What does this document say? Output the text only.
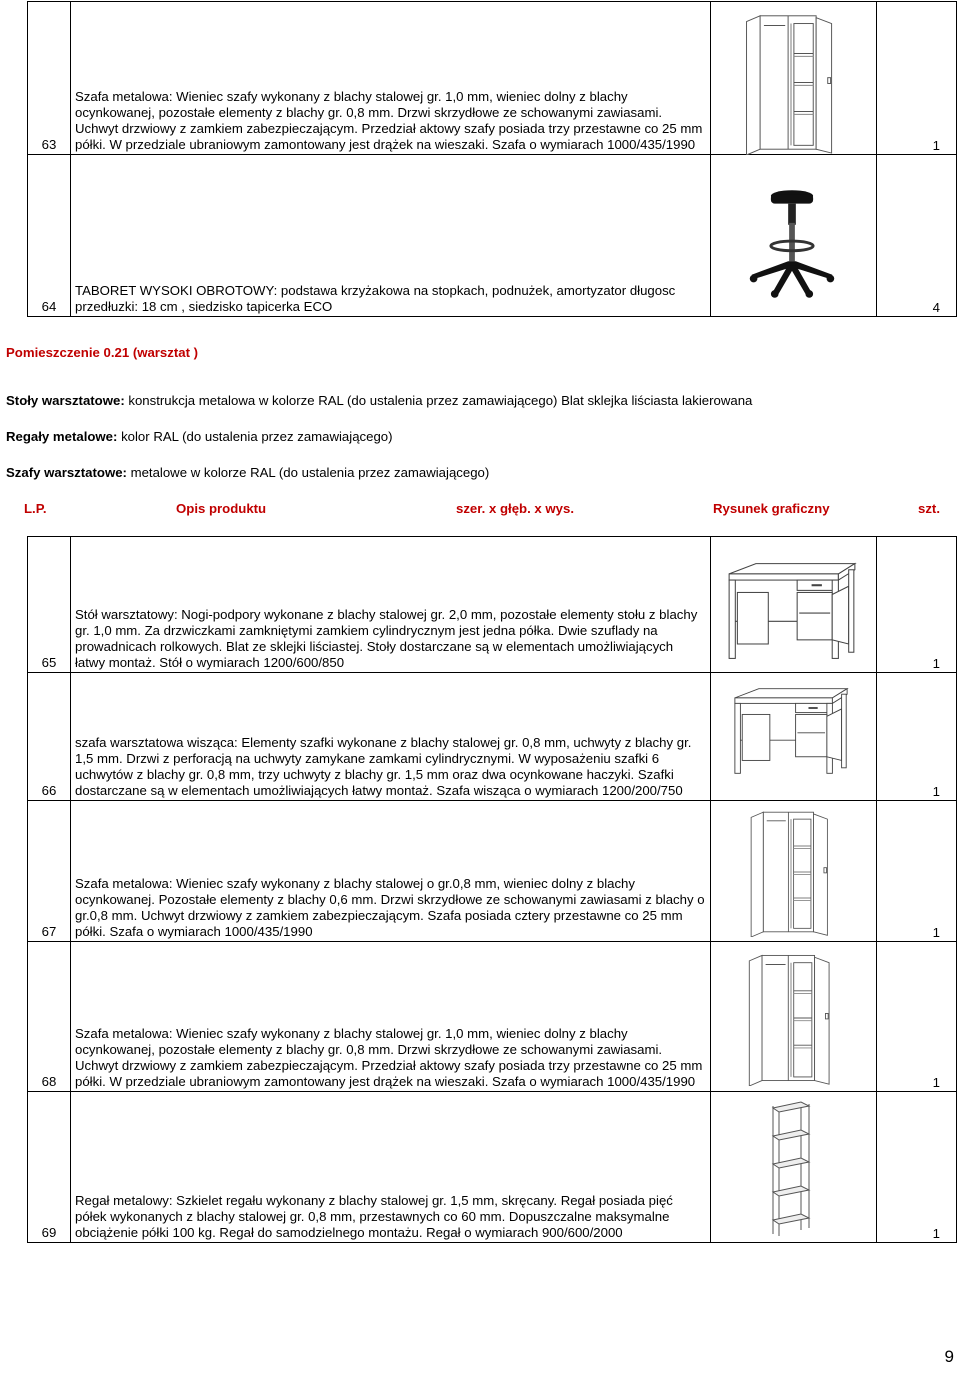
63	Szafa metalowa: Wieniec szafy wykonany z blachy stalowej gr. 1,0 mm, wieniec dolny z blachy ocynkowanej, pozostałe elementy z blachy gr. 0,8 mm. Drzwi skrzydłowe ze schowanymi zawiasami. Uchwyt drzwiowy z zamkiem zabezpieczającym. Przedział aktowy szafy posiada trzy przestawne co 25 mm półki. W przedziale ubraniowym zamontowany jest drążek na wieszaki. Szafa o wymiarach 1000/435/1990		1
64	TABORET WYSOKI OBROTOWY: podstawa krzyżakowa na stopkach, podnużek, amortyzator długosc przedłuzki: 18 cm , siedzisko tapicerka ECO		4
Pomieszczenie 0.21 (warsztat )
Stoły warsztatowe: konstrukcja metalowa w kolorze RAL (do ustalenia przez zamawiającego) Blat sklejka liściasta lakierowana
Regały metalowe: kolor RAL (do ustalenia przez zamawiającego)
Szafy warsztatowe: metalowe w kolorze RAL (do ustalenia przez zamawiającego)
L.P.	Opis produktu	szer. x głęb. x wys.	Rysunek graficzny	szt.
65	Stół warsztatowy: Nogi-podpory wykonane z blachy stalowej gr. 2,0 mm, pozostałe elementy stołu z blachy gr. 1,0 mm. Za drzwiczkami zamkniętymi zamkiem cylindrycznym jest jedna półka. Dwie szuflady na prowadnicach rolkowych. Blat ze sklejki liściastej. Stoły dostarczane są w elementach umożliwiających łatwy montaż. Stół o wymiarach 1200/600/850		1
66	szafa warsztatowa wisząca: Elementy szafki wykonane z blachy stalowej gr. 0,8 mm, uchwyty z blachy gr. 1,5 mm. Drzwi z perforacją na uchwyty zamykane zamkami cylindrycznymi. W wyposażeniu szafki 6 uchwytów z blachy gr. 0,8 mm, trzy uchwyty z blachy gr. 1,5 mm oraz dwa ocynkowane haczyki. Szafki dostarczane są w elementach umożliwiających łatwy montaż. Szafa wisząca o wymiarach 1200/200/750		1
67	Szafa metalowa: Wieniec szafy wykonany z blachy stalowej o gr.0,8 mm, wieniec dolny z blachy ocynkowanej. Pozostałe elementy z blachy 0,6 mm. Drzwi skrzydłowe ze schowanymi zawiasami z blachy o gr.0,8 mm. Uchwyt drzwiowy z zamkiem zabezpieczającym. Szafa posiada cztery przestawne co 25 mm półki. Szafa o wymiarach 1000/435/1990		1
68	Szafa metalowa: Wieniec szafy wykonany z blachy stalowej gr. 1,0 mm, wieniec dolny z blachy ocynkowanej, pozostałe elementy z blachy gr. 0,8 mm. Drzwi skrzydłowe ze schowanymi zawiasami. Uchwyt drzwiowy z zamkiem zabezpieczającym. Przedział aktowy szafy posiada trzy przestawne co 25 mm półki. W przedziale ubraniowym zamontowany jest drążek na wieszaki. Szafa o wymiarach 1000/435/1990		1
69	Regał metalowy: Szkielet regału wykonany z blachy stalowej gr. 1,5 mm, skręcany. Regał posiada pięć półek wykonanych z blachy stalowej gr. 0,8 mm, przestawnych co 60 mm. Dopuszczalne maksymalne obciążenie półki 100 kg. Regał do samodzielnego montażu. Regał o wymiarach 900/600/2000		1
9
